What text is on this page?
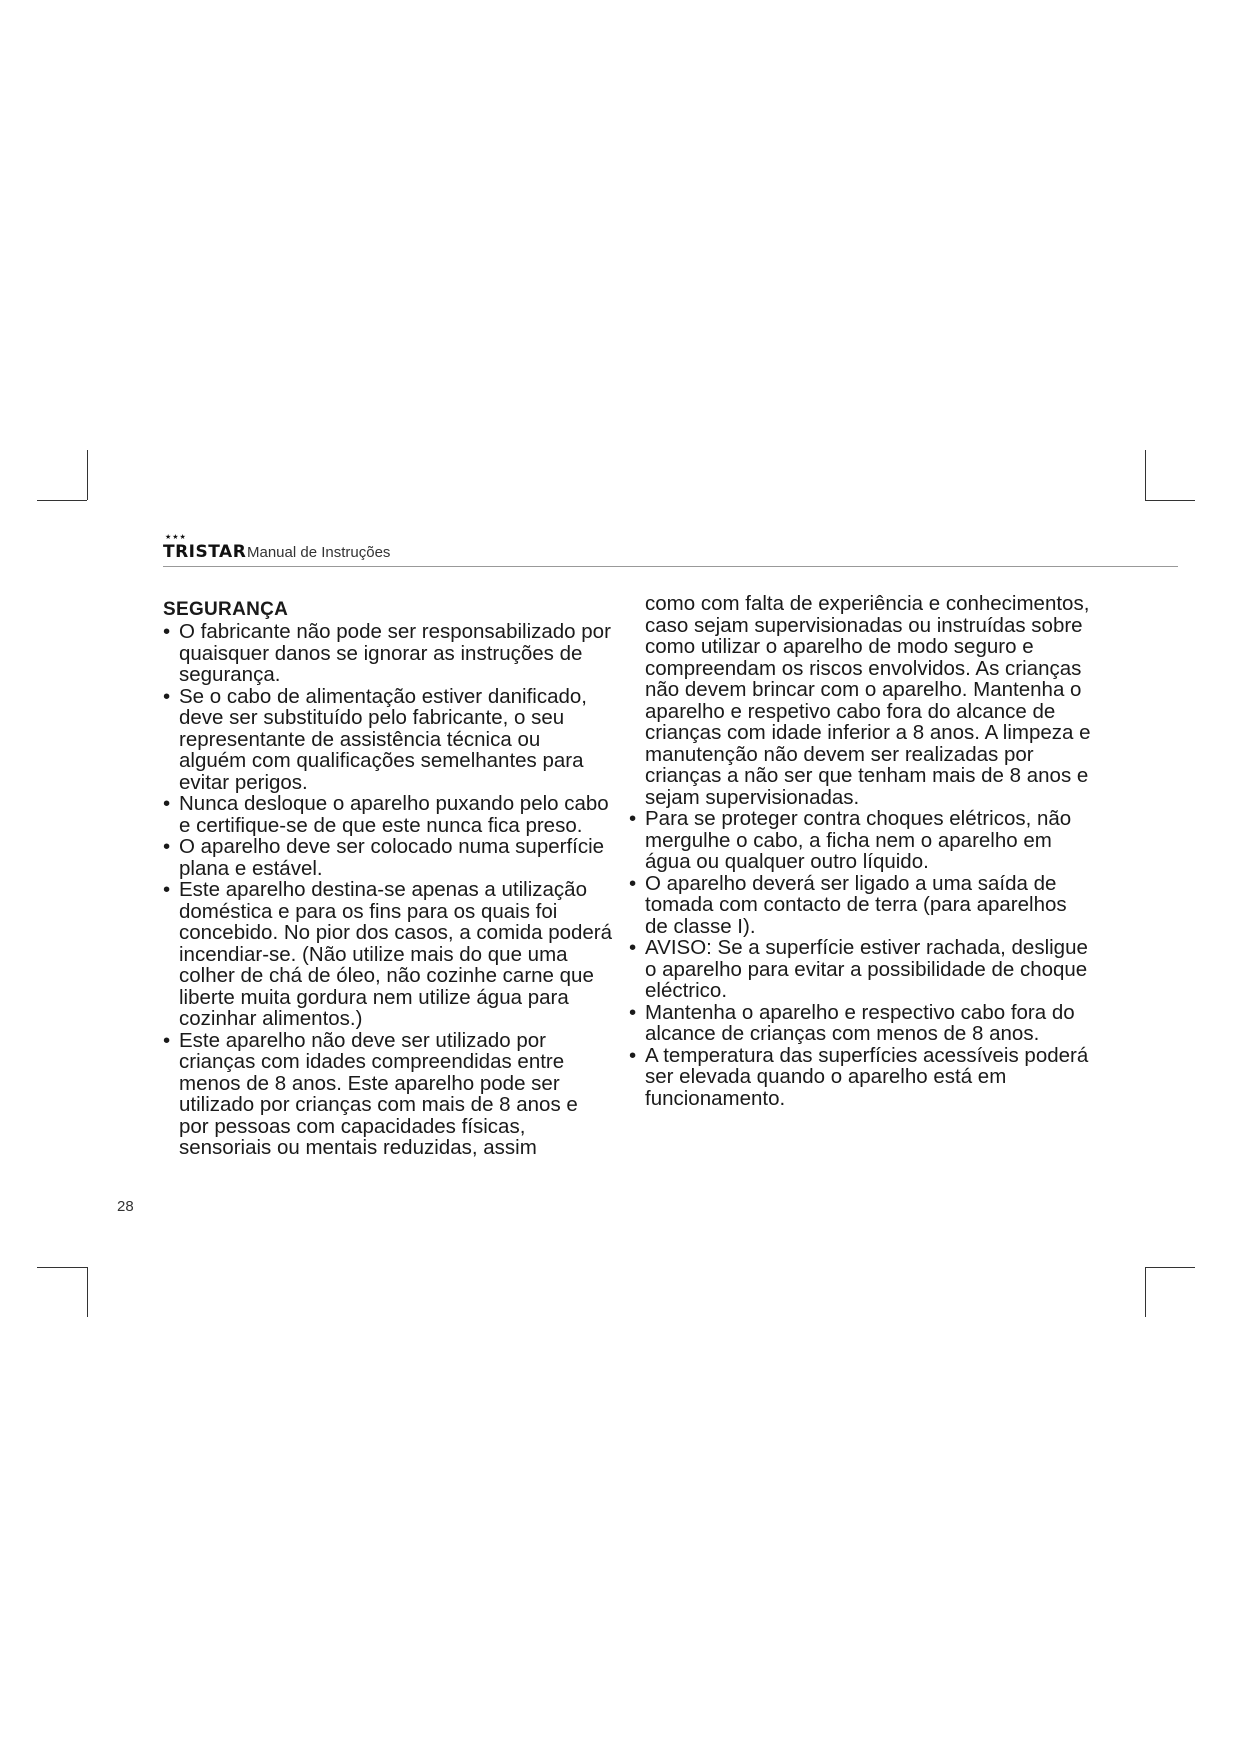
★★★
TRISTAR Manual de Instruções
SEGURANÇA
• O fabricante não pode ser responsabilizado por quaisquer danos se ignorar as instruções de segurança.
• Se o cabo de alimentação estiver danificado, deve ser substituído pelo fabricante, o seu representante de assistência técnica ou alguém com qualificações semelhantes para evitar perigos.
• Nunca desloque o aparelho puxando pelo cabo e certifique-se de que este nunca fica preso.
• O aparelho deve ser colocado numa superfície plana e estável.
• Este aparelho destina-se apenas a utilização doméstica e para os fins para os quais foi concebido. No pior dos casos, a comida poderá incendiar-se. (Não utilize mais do que uma colher de chá de óleo, não cozinhe carne que liberte muita gordura nem utilize água para cozinhar alimentos.)
• Este aparelho não deve ser utilizado por crianças com idades compreendidas entre menos de 8 anos. Este aparelho pode ser utilizado por crianças com mais de 8 anos e por pessoas com capacidades físicas, sensoriais ou mentais reduzidas, assim

como com falta de experiência e conhecimentos, caso sejam supervisionadas ou instruídas sobre como utilizar o aparelho de modo seguro e compreendam os riscos envolvidos. As crianças não devem brincar com o aparelho. Mantenha o aparelho e respetivo cabo fora do alcance de crianças com idade inferior a 8 anos. A limpeza e manutenção não devem ser realizadas por crianças a não ser que tenham mais de 8 anos e sejam supervisionadas.

• Para se proteger contra choques elétricos, não mergulhe o cabo, a ficha nem o aparelho em água ou qualquer outro líquido.
• O aparelho deverá ser ligado a uma saída de tomada com contacto de terra (para aparelhos de classe I).
• AVISO: Se a superfície estiver rachada, desligue o aparelho para evitar a possibilidade de choque eléctrico.
• Mantenha o aparelho e respectivo cabo fora do alcance de crianças com menos de 8 anos.
• A temperatura das superfícies acessíveis poderá ser elevada quando o aparelho está em funcionamento.
28
